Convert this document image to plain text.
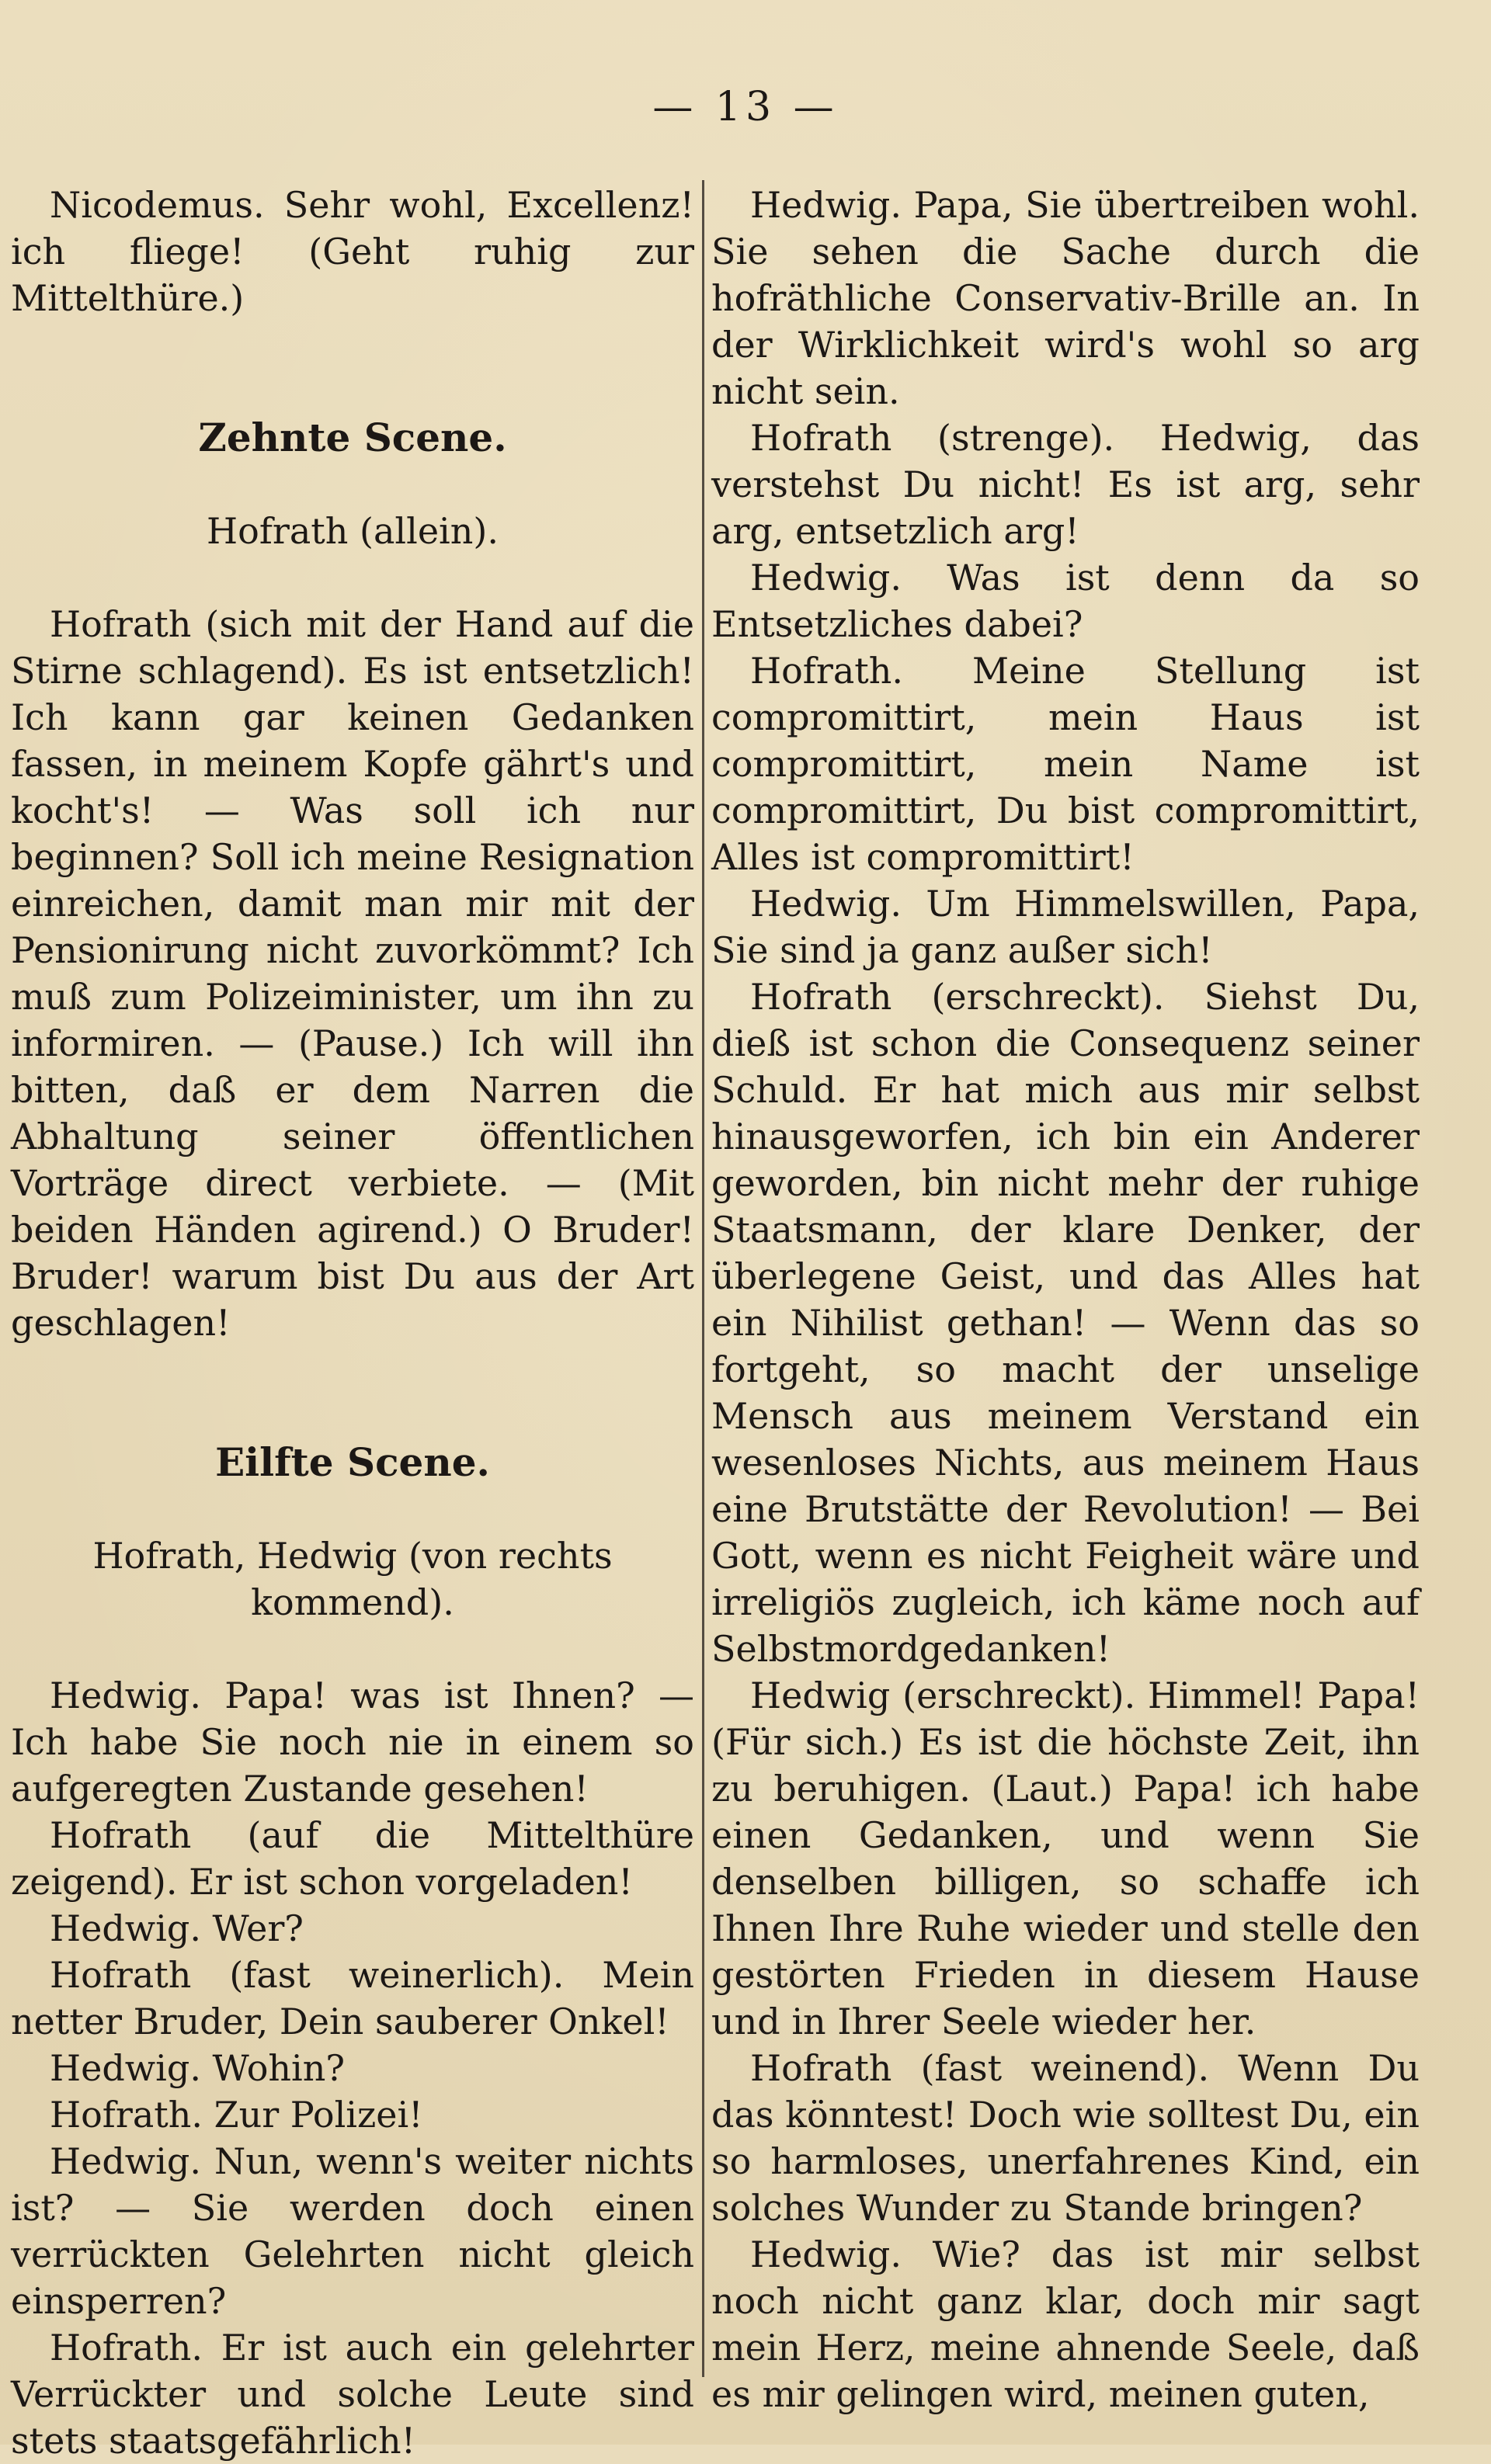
— 13 —

Nicodemus. Sehr wohl, Excellenz! ich fliege! (Geht ruhig zur Mittelthüre.)

Zehnte Scene.

Hofrath (allein).

Hofrath (sich mit der Hand auf die Stirne schlagend). Es ist entsetzlich! Ich kann gar keinen Gedanken fassen, in meinem Kopfe gährt's und kocht's! — Was soll ich nur beginnen? Soll ich meine Resignation einreichen, damit man mir mit der Pensionirung nicht zuvorkömmt? Ich muß zum Polizeiminister, um ihn zu informiren. — (Pause.) Ich will ihn bitten, daß er dem Narren die Abhaltung seiner öffentlichen Vorträge direct verbiete. — (Mit beiden Händen agirend.) O Bruder! Bruder! warum bist Du aus der Art geschlagen!

Eilfte Scene.

Hofrath, Hedwig (von rechts kommend).

Hedwig. Papa! was ist Ihnen? — Ich habe Sie noch nie in einem so aufgeregten Zustande gesehen!

Hofrath (auf die Mittelthüre zeigend). Er ist schon vorgeladen!

Hedwig. Wer?

Hofrath (fast weinerlich). Mein netter Bruder, Dein sauberer Onkel!

Hedwig. Wohin?

Hofrath. Zur Polizei!

Hedwig. Nun, wenn's weiter nichts ist? — Sie werden doch einen verrückten Gelehrten nicht gleich einsperren?

Hofrath. Er ist auch ein gelehrter Verrückter und solche Leute sind stets staatsgefährlich!

Hedwig. Papa, Sie übertreiben wohl. Sie sehen die Sache durch die hofräthliche Conservativ-Brille an. In der Wirklichkeit wird's wohl so arg nicht sein.

Hofrath (strenge). Hedwig, das verstehst Du nicht! Es ist arg, sehr arg, entsetzlich arg!

Hedwig. Was ist denn da so Entsetzliches dabei?

Hofrath. Meine Stellung ist compromittirt, mein Haus ist compromittirt, mein Name ist compromittirt, Du bist compromittirt, Alles ist compromittirt!

Hedwig. Um Himmelswillen, Papa, Sie sind ja ganz außer sich!

Hofrath (erschreckt). Siehst Du, dieß ist schon die Consequenz seiner Schuld. Er hat mich aus mir selbst hinausgeworfen, ich bin ein Anderer geworden, bin nicht mehr der ruhige Staatsmann, der klare Denker, der überlegene Geist, und das Alles hat ein Nihilist gethan! — Wenn das so fortgeht, so macht der unselige Mensch aus meinem Verstand ein wesenloses Nichts, aus meinem Haus eine Brutstätte der Revolution! — Bei Gott, wenn es nicht Feigheit wäre und irreligiös zugleich, ich käme noch auf Selbstmordgedanken!

Hedwig (erschreckt). Himmel! Papa! (Für sich.) Es ist die höchste Zeit, ihn zu beruhigen. (Laut.) Papa! ich habe einen Gedanken, und wenn Sie denselben billigen, so schaffe ich Ihnen Ihre Ruhe wieder und stelle den gestörten Frieden in diesem Hause und in Ihrer Seele wieder her.

Hofrath (fast weinend). Wenn Du das könntest! Doch wie solltest Du, ein so harmloses, unerfahrenes Kind, ein solches Wunder zu Stande bringen?

Hedwig. Wie? das ist mir selbst noch nicht ganz klar, doch mir sagt mein Herz, meine ahnende Seele, daß es mir gelingen wird, meinen guten,
